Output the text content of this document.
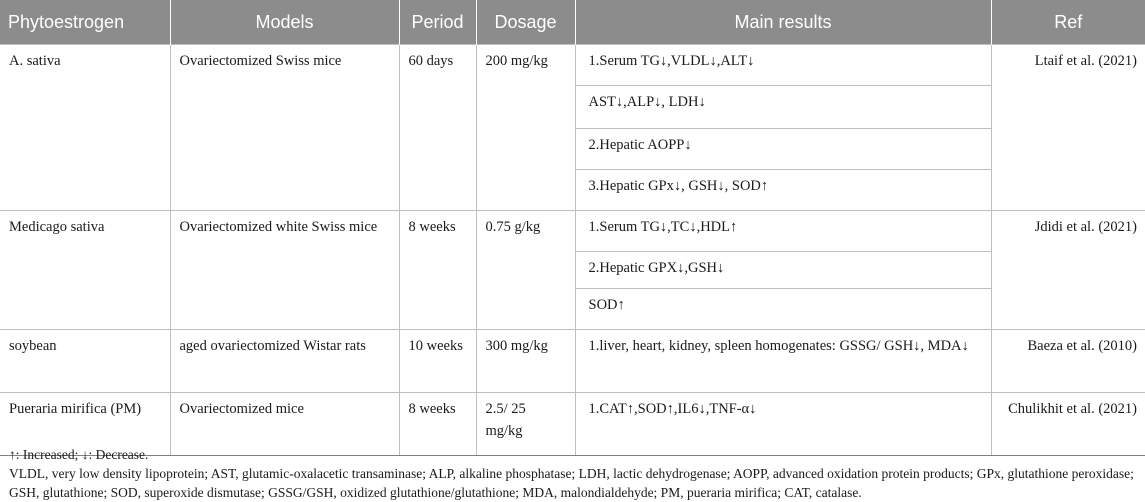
Phytoestrogen	Models	Period	Dosage	Main results	Ref
A. sativa	Ovariectomized Swiss mice	60 days	200 mg/kg	1.Serum TG↓,VLDL↓,ALT↓	Ltaif et al. (2021)
				AST↓,ALP↓, LDH↓	
				2.Hepatic AOPP↓	
				3.Hepatic GPx↓, GSH↓, SOD↑	
Medicago sativa	Ovariectomized white Swiss mice	8 weeks	0.75 g/kg	1.Serum TG↓,TC↓,HDL↑	Jdidi et al. (2021)
				2.Hepatic GPX↓,GSH↓	
				SOD↑	
soybean	aged ovariectomized Wistar rats	10 weeks	300 mg/kg	1.liver, heart, kidney, spleen homogenates: GSSG/ GSH↓, MDA↓	Baeza et al. (2010)
Pueraria mirifica (PM)	Ovariectomized mice	8 weeks	2.5/ 25 mg/kg	1.CAT↑,SOD↑,IL6↓,TNF-α↓	Chulikhit et al. (2021)

↑: Increased; ↓: Decrease.

VLDL, very low density lipoprotein; AST, glutamic-oxalacetic transaminase; ALP, alkaline phosphatase; LDH, lactic dehydrogenase; AOPP, advanced oxidation protein products; GPx, glutathione peroxidase; GSH, glutathione; SOD, superoxide dismutase; GSSG/GSH, oxidized glutathione/glutathione; MDA, malondialdehyde; PM, pueraria mirifica; CAT, catalase.
